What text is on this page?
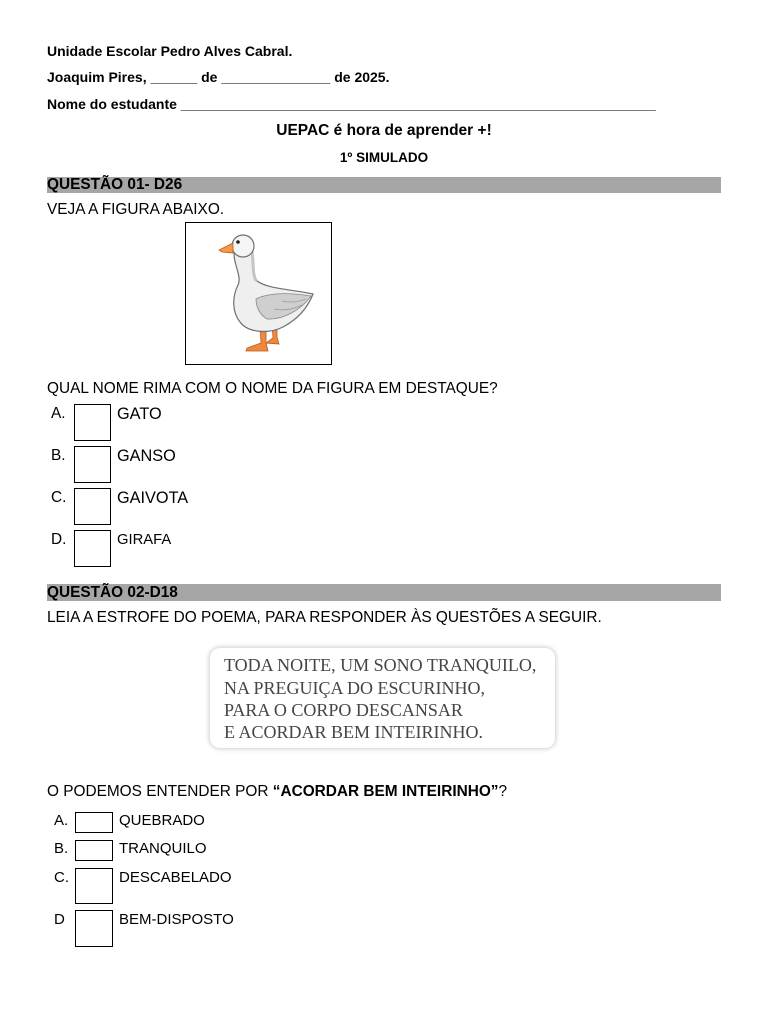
Unidade Escolar Pedro Alves Cabral.
Joaquim Pires, ______ de ______________ de 2025.
Nome do estudante _____________________________________________________________
UEPAC é hora de aprender +!
1º SIMULADO
QUESTÃO 01- D26
VEJA A FIGURA ABAIXO.
QUAL NOME RIMA COM O NOME DA FIGURA EM DESTAQUE?
A.	GATO
B.	GANSO
C.	GAIVOTA
D.	GIRAFA
QUESTÃO 02-D18
LEIA A ESTROFE DO POEMA, PARA RESPONDER ÀS QUESTÕES A SEGUIR.
TODA NOITE, UM SONO TRANQUILO,
NA PREGUIÇA DO ESCURINHO,
PARA O CORPO DESCANSAR
E ACORDAR BEM INTEIRINHO.
O PODEMOS ENTENDER POR “ACORDAR BEM INTEIRINHO”?
A.	QUEBRADO
B.	TRANQUILO
C.	DESCABELADO
D	BEM-DISPOSTO
